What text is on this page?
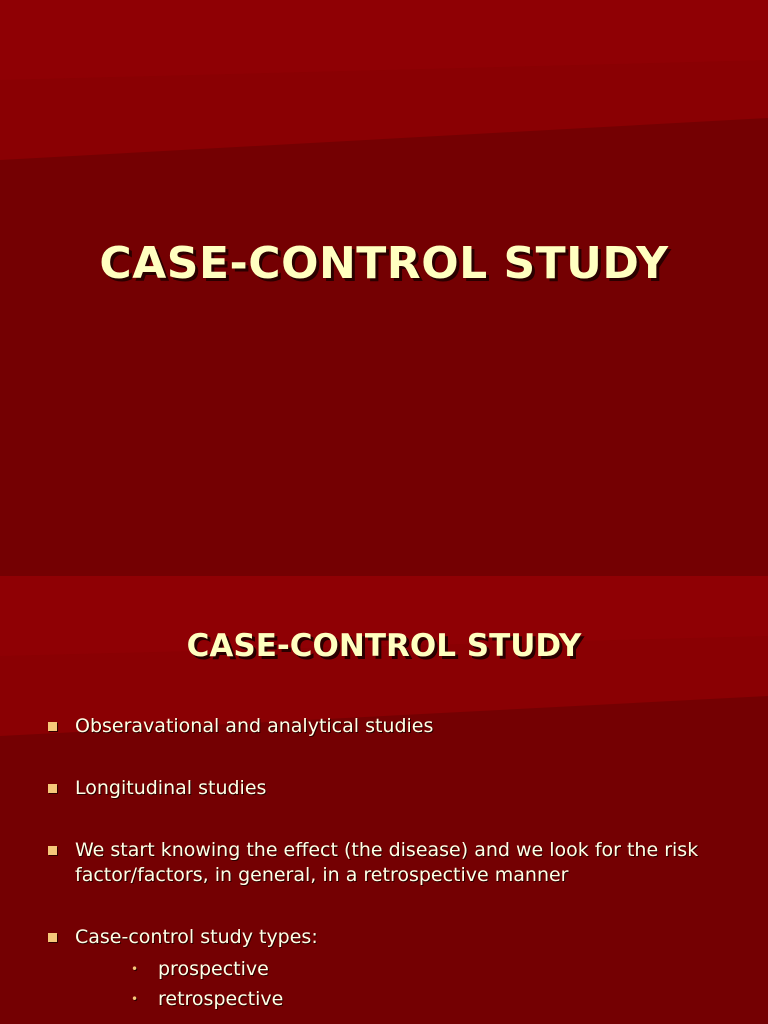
CASE-CONTROL STUDY
CASE-CONTROL STUDY
Obseravational and analytical studies
Longitudinal studies
We start knowing the effect (the disease) and we look for the risk factor/factors, in general, in a retrospective manner
Case-control study types:
• prospective
• retrospective
